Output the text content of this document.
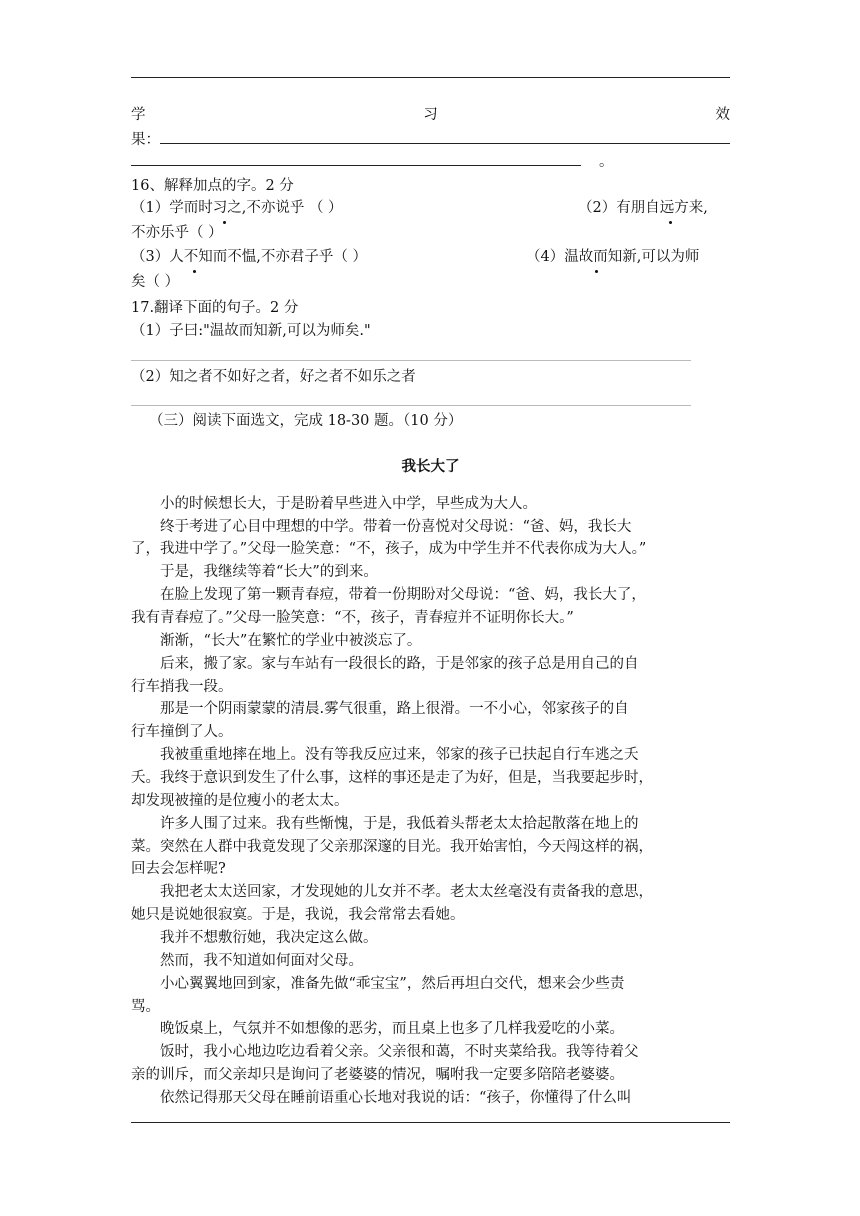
学	习	效
果：
。
16、解释加点的字。2 分
（1）学而时习之,不亦说乎 （ ）	（2）有朋自远方来,
不亦乐乎（ ）
（3）人不知而不愠,不亦君子乎（ ）	（4）温故而知新,可以为师
矣（ ）
17.翻译下面的句子。2 分
（1）子曰:"温故而知新,可以为师矣."
（2）知之者不如好之者，好之者不如乐之者
（三）阅读下面选文，完成 18-30 题。（10 分）
我长大了
小的时候想长大，于是盼着早些进入中学，早些成为大人。
终于考进了心目中理想的中学。带着一份喜悦对父母说：“爸、妈，我长大
了，我进中学了。”父母一脸笑意：“不，孩子，成为中学生并不代表你成为大人。”
于是，我继续等着“长大”的到来。
在脸上发现了第一颗青春痘，带着一份期盼对父母说：“爸、妈，我长大了，
我有青春痘了。”父母一脸笑意：“不，孩子，青春痘并不证明你长大。”
渐渐，“长大”在繁忙的学业中被淡忘了。
后来，搬了家。家与车站有一段很长的路，于是邻家的孩子总是用自己的自
行车捎我一段。
那是一个阴雨蒙蒙的清晨.雾气很重，路上很滑。一不小心，邻家孩子的自
行车撞倒了人。
我被重重地摔在地上。没有等我反应过来，邻家的孩子已扶起自行车逃之夭
夭。我终于意识到发生了什么事，这样的事还是走了为好，但是，当我要起步时，
却发现被撞的是位瘦小的老太太。
许多人围了过来。我有些惭愧，于是，我低着头帮老太太拾起散落在地上的
菜。突然在人群中我竟发现了父亲那深邃的目光。我开始害怕，今天闯这样的祸，
回去会怎样呢?
我把老太太送回家，才发现她的儿女并不孝。老太太丝毫没有责备我的意思，
她只是说她很寂寞。于是，我说，我会常常去看她。
我并不想敷衍她，我决定这么做。
然而，我不知道如何面对父母。
小心翼翼地回到家，准备先做“乖宝宝”，然后再坦白交代，想来会少些责
骂。
晚饭桌上，气氛并不如想像的恶劣，而且桌上也多了几样我爱吃的小菜。
饭时，我小心地边吃边看着父亲。父亲很和蔼，不时夹菜给我。我等待着父
亲的训斥，而父亲却只是询问了老婆婆的情况，嘱咐我一定要多陪陪老婆婆。
依然记得那天父母在睡前语重心长地对我说的话：“孩子，你懂得了什么叫
